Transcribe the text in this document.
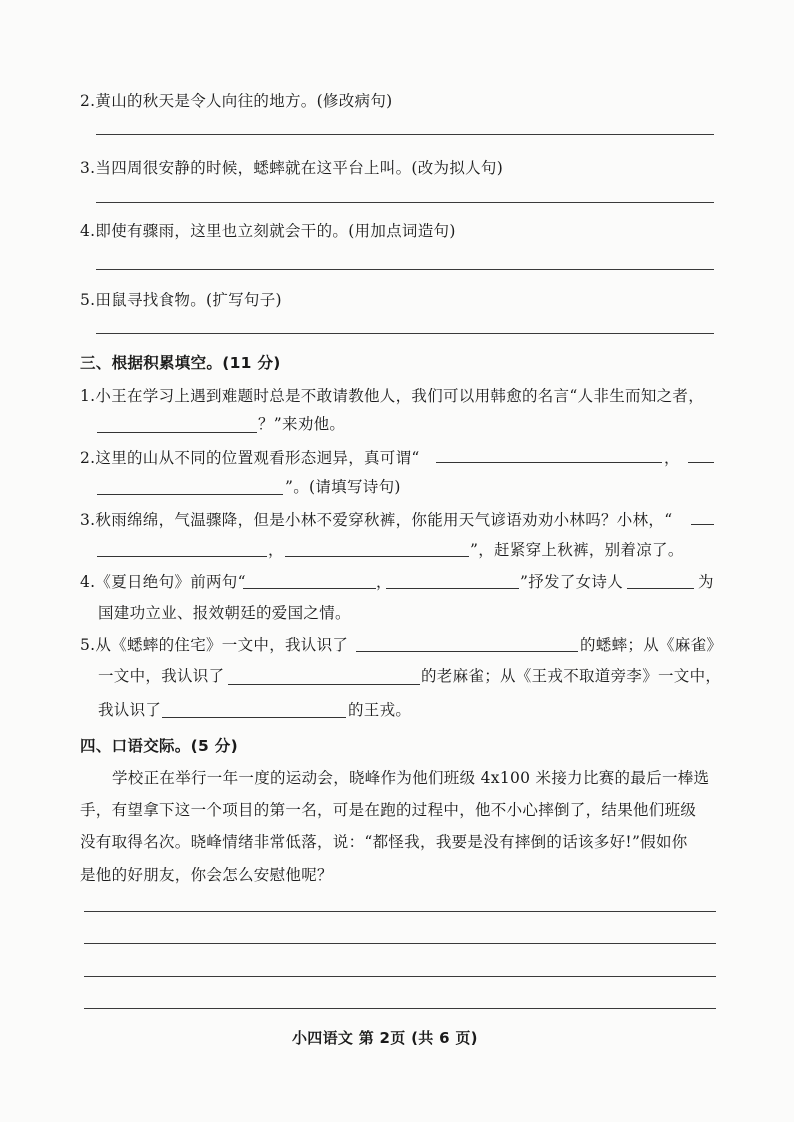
2.黄山的秋天是令人向往的地方。(修改病句)
3.当四周很安静的时候，蟋蟀就在这平台上叫。(改为拟人句)
4.即使有骤雨，这里也立刻就会干的。(用加点词造句)
5.田鼠寻找食物。(扩写句子)
三、根据积累填空。(11 分)
1.小王在学习上遇到难题时总是不敢请教他人，我们可以用韩愈的名言“人非生而知之者，
？”来劝他。
2.这里的山从不同的位置观看形态迥异，真可谓“	，
”。(请填写诗句)
3.秋雨绵绵，气温骤降，但是小林不爱穿秋裤，你能用天气谚语劝劝小林吗？小林，“
，	”，赶紧穿上秋裤，别着凉了。
4.《夏日绝句》前两句“	，	”抒发了女诗人	为
国建功立业、报效朝廷的爱国之情。
5.从《蟋蟀的住宅》一文中，我认识了	的蟋蟀；从《麻雀》
一文中，我认识了	的老麻雀；从《王戎不取道旁李》一文中，
我认识了	的王戎。
四、口语交际。(5 分)
学校正在举行一年一度的运动会，晓峰作为他们班级 4x100 米接力比赛的最后一棒选
手，有望拿下这一个项目的第一名，可是在跑的过程中，他不小心摔倒了，结果他们班级
没有取得名次。晓峰情绪非常低落，说：“都怪我，我要是没有摔倒的话该多好!”假如你
是他的好朋友，你会怎么安慰他呢？
小四语文 第 2页 (共 6 页)
